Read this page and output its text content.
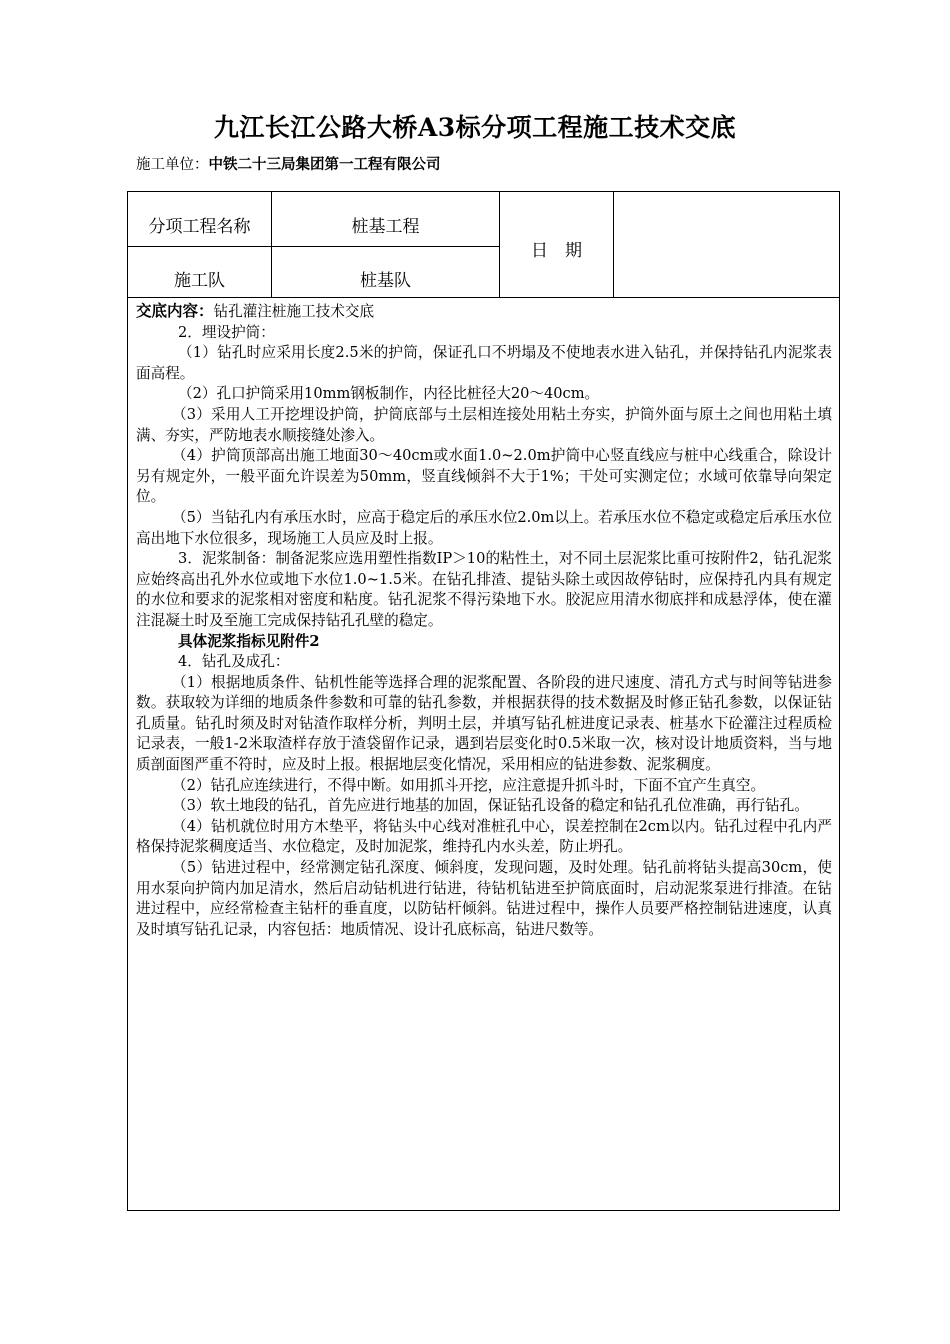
九江长江公路大桥A3标分项工程施工技术交底
施工单位：中铁二十三局集团第一工程有限公司
分项工程名称	桩基工程
施工队	桩基队
日　期

交底内容：钻孔灌注桩施工技术交底

2．埋设护筒：

（1）钻孔时应采用长度2.5米的护筒，保证孔口不坍塌及不使地表水进入钻孔，并保持钻孔内泥浆表面高程。

（2）孔口护筒采用10mm钢板制作，内径比桩径大20～40cm。

（3）采用人工开挖埋设护筒，护筒底部与土层相连接处用粘土夯实，护筒外面与原土之间也用粘土填满、夯实，严防地表水顺接缝处渗入。

（4）护筒顶部高出施工地面30～40cm或水面1.0~2.0m护筒中心竖直线应与桩中心线重合，除设计另有规定外，一般平面允许误差为50mm，竖直线倾斜不大于1%；干处可实测定位；水域可依靠导向架定位。

（5）当钻孔内有承压水时，应高于稳定后的承压水位2.0m以上。若承压水位不稳定或稳定后承压水位高出地下水位很多，现场施工人员应及时上报。

3．泥浆制备：制备泥浆应选用塑性指数IP＞10的粘性土，对不同土层泥浆比重可按附件2，钻孔泥浆应始终高出孔外水位或地下水位1.0~1.5米。在钻孔排渣、提钻头除土或因故停钻时，应保持孔内具有规定的水位和要求的泥浆相对密度和粘度。钻孔泥浆不得污染地下水。胶泥应用清水彻底拌和成悬浮体，使在灌注混凝土时及至施工完成保持钻孔孔壁的稳定。

具体泥浆指标见附件2

4．钻孔及成孔：

（1）根据地质条件、钻机性能等选择合理的泥浆配置、各阶段的进尺速度、清孔方式与时间等钻进参数。获取较为详细的地质条件参数和可靠的钻孔参数，并根据获得的技术数据及时修正钻孔参数，以保证钻孔质量。钻孔时须及时对钻渣作取样分析，判明土层，并填写钻孔桩进度记录表、桩基水下砼灌注过程质检记录表，一般1-2米取渣样存放于渣袋留作记录，遇到岩层变化时0.5米取一次，核对设计地质资料，当与地质剖面图严重不符时，应及时上报。根据地层变化情况，采用相应的钻进参数、泥浆稠度。

（2）钻孔应连续进行，不得中断。如用抓斗开挖，应注意提升抓斗时，下面不宜产生真空。

（3）软土地段的钻孔，首先应进行地基的加固，保证钻孔设备的稳定和钻孔孔位准确，再行钻孔。

（4）钻机就位时用方木垫平，将钻头中心线对准桩孔中心，误差控制在2cm以内。钻孔过程中孔内严格保持泥浆稠度适当、水位稳定，及时加泥浆，维持孔内水头差，防止坍孔。

（5）钻进过程中，经常测定钻孔深度、倾斜度，发现问题，及时处理。钻孔前将钻头提高30cm，使用水泵向护筒内加足清水，然后启动钻机进行钻进，待钻机钻进至护筒底面时，启动泥浆泵进行排渣。在钻进过程中，应经常检查主钻杆的垂直度，以防钻杆倾斜。钻进过程中，操作人员要严格控制钻进速度，认真及时填写钻孔记录，内容包括：地质情况、设计孔底标高，钻进尺数等。
